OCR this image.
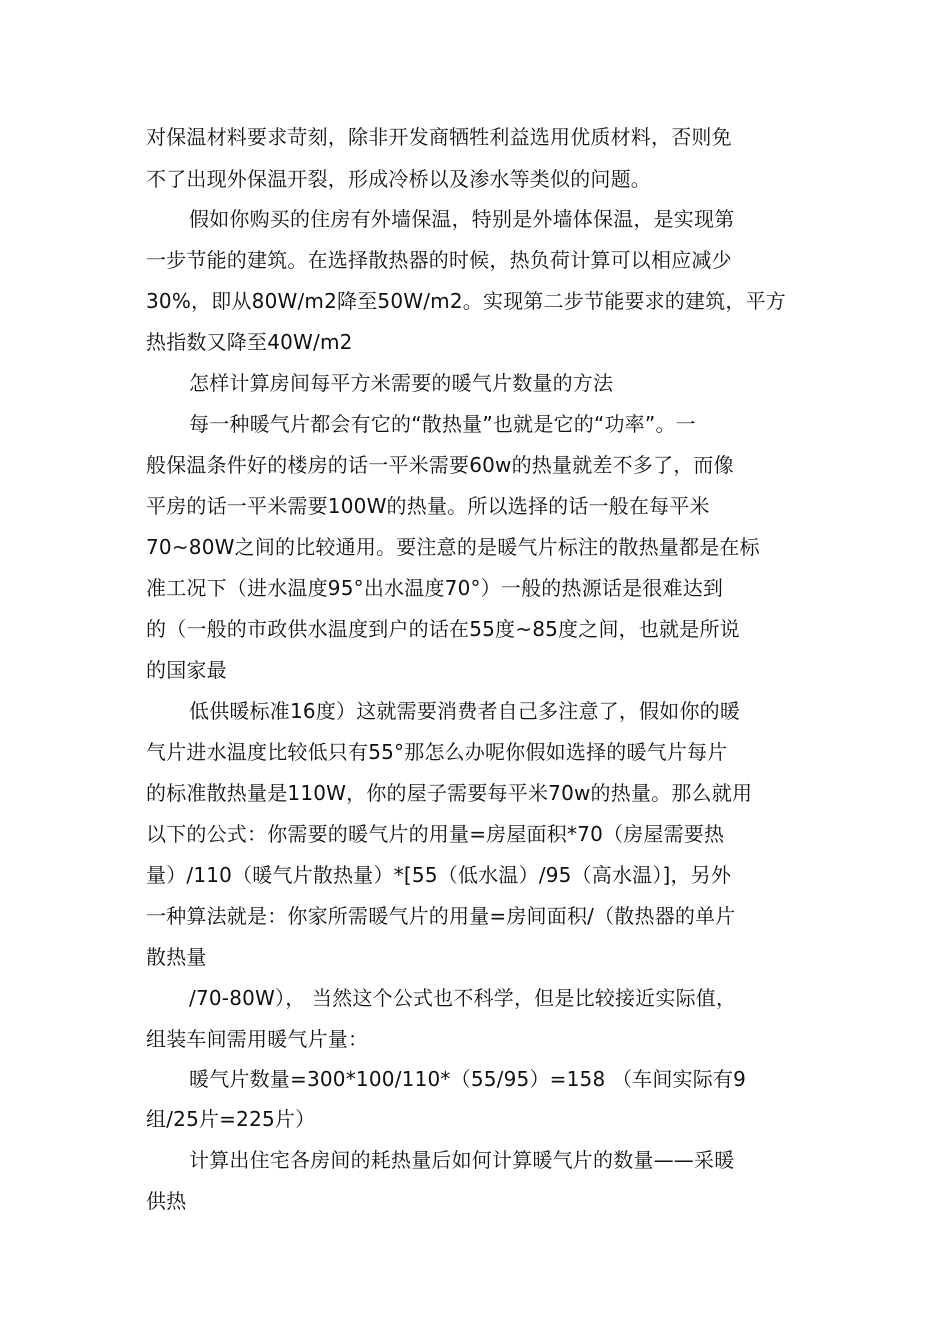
对保温材料要求苛刻，除非开发商牺牲利益选用优质材料，否则免
不了出现外保温开裂，形成冷桥以及渗水等类似的问题。
假如你购买的住房有外墙保温，特别是外墙体保温，是实现第
一步节能的建筑。在选择散热器的时候，热负荷计算可以相应减少
30%，即从80W/m2降至50W/m2。实现第二步节能要求的建筑，平方
热指数又降至40W/m2
怎样计算房间每平方米需要的暖气片数量的方法
每一种暖气片都会有它的“散热量”也就是它的“功率”。一
般保温条件好的楼房的话一平米需要60w的热量就差不多了，而像
平房的话一平米需要100W的热量。所以选择的话一般在每平米
70~80W之间的比较通用。要注意的是暖气片标注的散热量都是在标
准工况下（进水温度95°出水温度70°）一般的热源话是很难达到
的（一般的市政供水温度到户的话在55度~85度之间，也就是所说
的国家最
低供暖标准16度）这就需要消费者自己多注意了，假如你的暖
气片进水温度比较低只有55°那怎么办呢你假如选择的暖气片每片
的标准散热量是110W，你的屋子需要每平米70w的热量。那么就用
以下的公式：你需要的暖气片的用量=房屋面积*70（房屋需要热
量）/110（暖气片散热量）*[55（低水温）/95（高水温）]，另外
一种算法就是：你家所需暖气片的用量=房间面积/（散热器的单片
散热量
/70-80W）， 当然这个公式也不科学，但是比较接近实际值，
组装车间需用暖气片量：
暖气片数量=300*100/110*（55/95）=158 （车间实际有9
组/25片=225片）
计算出住宅各房间的耗热量后如何计算暖气片的数量——采暖
供热
